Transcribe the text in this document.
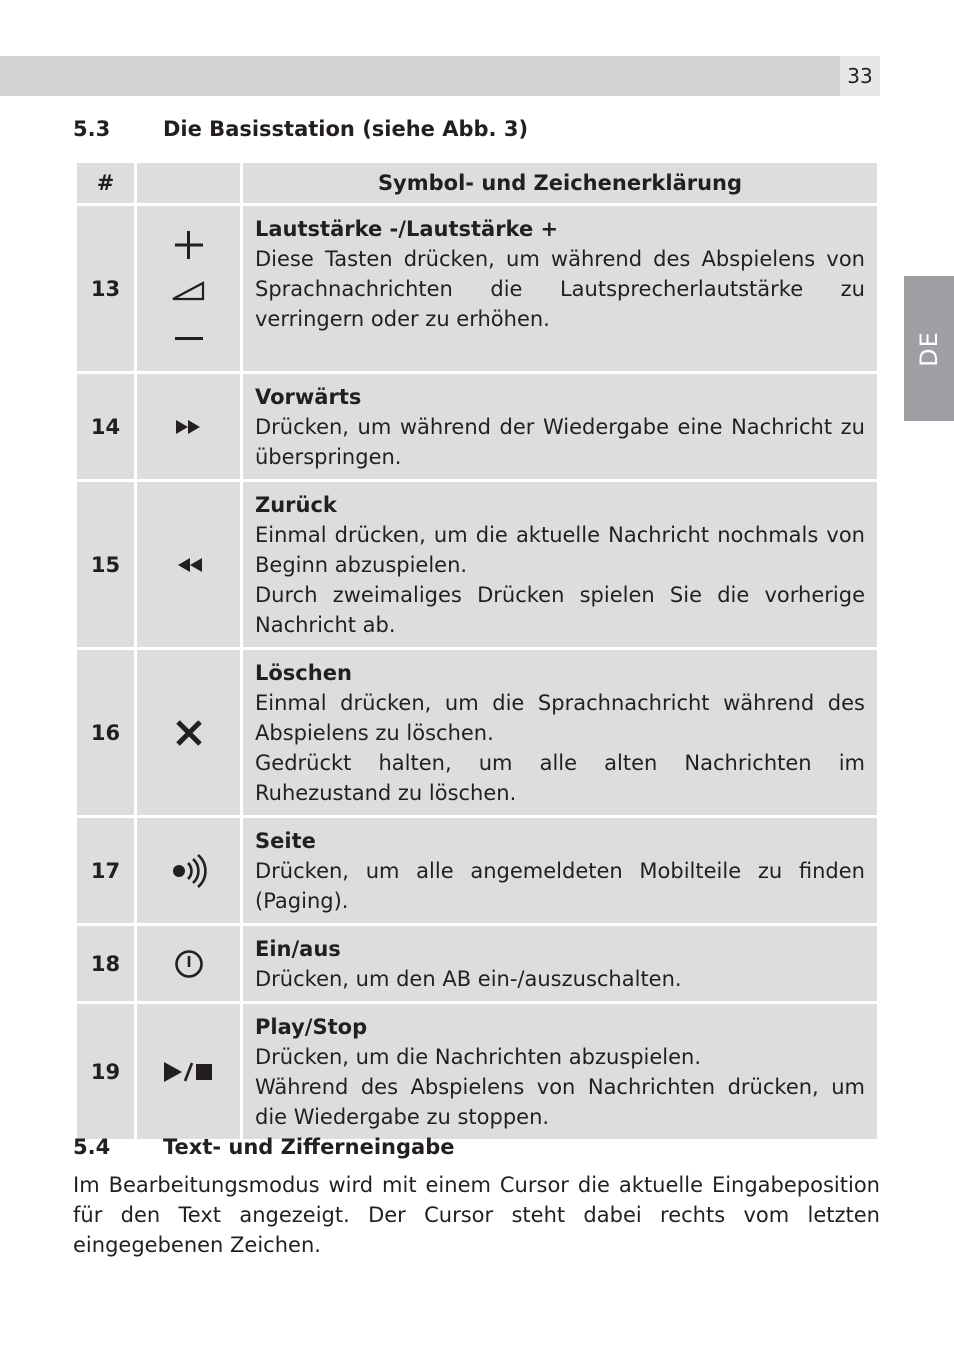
33
DE
5.3	Die Basisstation (siehe Abb. 3)
#		Symbol- und Zeichenerklärung
13		Lautstärke -/Lautstärke +
Diese Tasten drücken, um während des Abspielens von Sprachnachrichten die Lautsprecherlautstärke zu verringern oder zu erhöhen.

14		Vorwärts
Drücken, um während der Wiedergabe eine Nachricht zu überspringen.

15		Zurück
Einmal drücken, um die aktuelle Nachricht nochmals von Beginn abzuspielen.
Durch zweimaliges Drücken spielen Sie die vorherige Nachricht ab.

16		Löschen
Einmal drücken, um die Sprachnachricht während des Abspielens zu löschen.
Gedrückt halten, um alle alten Nachrichten im Ruhezustand zu löschen.

17		Seite
Drücken, um alle angemeldeten Mobilteile zu finden (Paging).

18		Ein/aus
Drücken, um den AB ein-/auszuschalten.

19		Play/Stop
Drücken, um die Nachrichten abzuspielen.
Während des Abspielens von Nachrichten drücken, um die Wiedergabe zu stoppen.
5.4	Text- und Zifferneingabe
Im Bearbeitungsmodus wird mit einem Cursor die aktuelle Eingabeposition für den Text angezeigt. Der Cursor steht dabei rechts vom letzten eingegebenen Zeichen.
